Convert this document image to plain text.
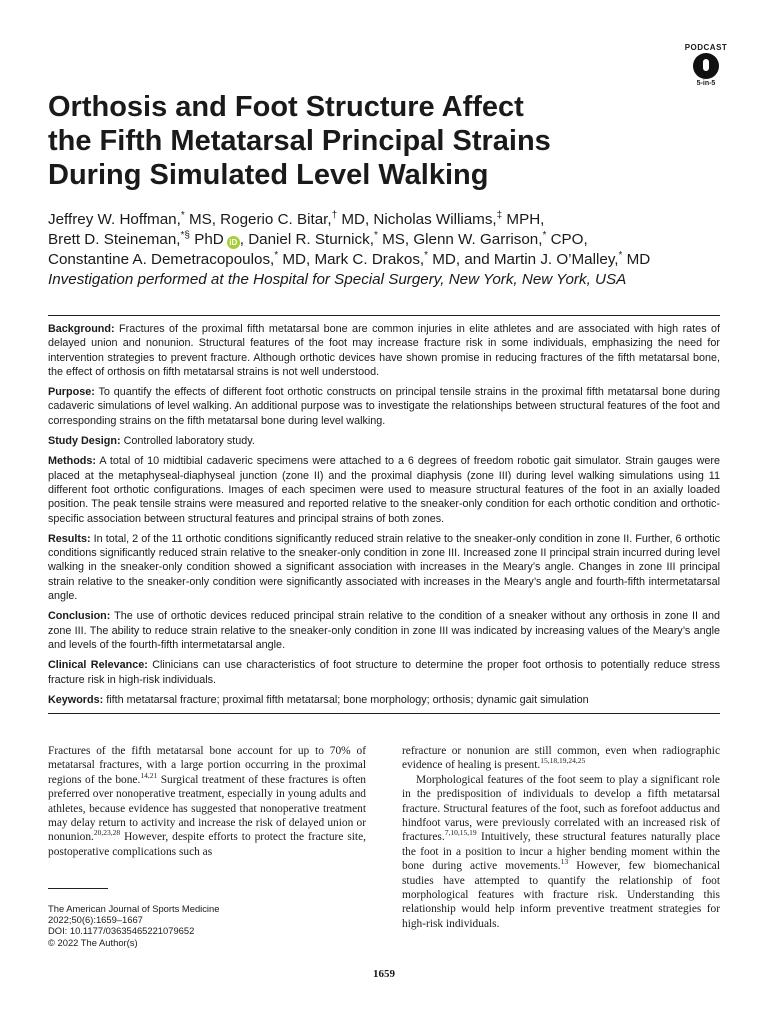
PODCAST
5-in-5
Orthosis and Foot Structure Affect
the Fifth Metatarsal Principal Strains
During Simulated Level Walking
Jeffrey W. Hoffman,* MS, Rogerio C. Bitar,† MD, Nicholas Williams,‡ MPH,
Brett D. Steineman,*§ PhD iD , Daniel R. Sturnick,* MS, Glenn W. Garrison,* CPO,
Constantine A. Demetracopoulos,* MD, Mark C. Drakos,* MD, and Martin J. O’Malley,* MD
Investigation performed at the Hospital for Special Surgery, New York, New York, USA

Background: Fractures of the proximal fifth metatarsal bone are common injuries in elite athletes and are associated with high rates of delayed union and nonunion. Structural features of the foot may increase fracture risk in some individuals, emphasizing the need for intervention strategies to prevent fracture. Although orthotic devices have shown promise in reducing fractures of the fifth metatarsal bone, the effect of orthosis on fifth metatarsal strains is not well understood.

Purpose: To quantify the effects of different foot orthotic constructs on principal tensile strains in the proximal fifth metatarsal bone during cadaveric simulations of level walking. An additional purpose was to investigate the relationships between structural features of the foot and corresponding strains on the fifth metatarsal bone during level walking.

Study Design: Controlled laboratory study.

Methods: A total of 10 midtibial cadaveric specimens were attached to a 6 degrees of freedom robotic gait simulator. Strain gauges were placed at the metaphyseal-diaphyseal junction (zone II) and the proximal diaphysis (zone III) during level walking simulations using 11 different foot orthotic configurations. Images of each specimen were used to measure structural features of the foot in an axially loaded position. The peak tensile strains were measured and reported relative to the sneaker-only condition for each orthotic condition and orthotic-specific association between structural features and principal strains of both zones.

Results: In total, 2 of the 11 orthotic conditions significantly reduced strain relative to the sneaker-only condition in zone II. Further, 6 orthotic conditions significantly reduced strain relative to the sneaker-only condition in zone III. Increased zone II principal strain incurred during level walking in the sneaker-only condition showed a significant association with increases in the Meary’s angle. Changes in zone III principal strain relative to the sneaker-only condition were significantly associated with increases in the Meary’s angle and fourth-fifth intermetatarsal angle.

Conclusion: The use of orthotic devices reduced principal strain relative to the condition of a sneaker without any orthosis in zone II and zone III. The ability to reduce strain relative to the sneaker-only condition in zone III was indicated by increasing values of the Meary’s angle and levels of the fourth-fifth intermetatarsal angle.

Clinical Relevance: Clinicians can use characteristics of foot structure to determine the proper foot orthosis to potentially reduce stress fracture risk in high-risk individuals.

Keywords: fifth metatarsal fracture; proximal fifth metatarsal; bone morphology; orthosis; dynamic gait simulation

Fractures of the fifth metatarsal bone account for up to 70% of metatarsal fractures, with a large portion occurring in the proximal regions of the bone.$^{14,21}$ Surgical treatment of these fractures is often preferred over nonoperative treatment, especially in young adults and athletes, because evidence has suggested that nonoperative treatment may delay return to activity and increase the risk of delayed union or nonunion.$^{20,23,28}$ However, despite efforts to protect the fracture site, postoperative complications such as

The American Journal of Sports Medicine
2022;50(6):1659–1667
DOI: 10.1177/03635465221079652
© 2022 The Author(s)

refracture or nonunion are still common, even when radiographic evidence of healing is present.$^{15,18,19,24,25}$

Morphological features of the foot seem to play a significant role in the predisposition of individuals to develop a fifth metatarsal fracture. Structural features of the foot, such as forefoot adductus and hindfoot varus, were previously correlated with an increased risk of fractures.$^{7,10,15,19}$ Intuitively, these structural features naturally place the foot in a position to incur a higher bending moment within the bone during active movements.$^{13}$ However, few biomechanical studies have attempted to quantify the relationship of foot morphological features with fracture risk. Understanding this relationship would help inform preventive treatment strategies for high-risk individuals.

1659
